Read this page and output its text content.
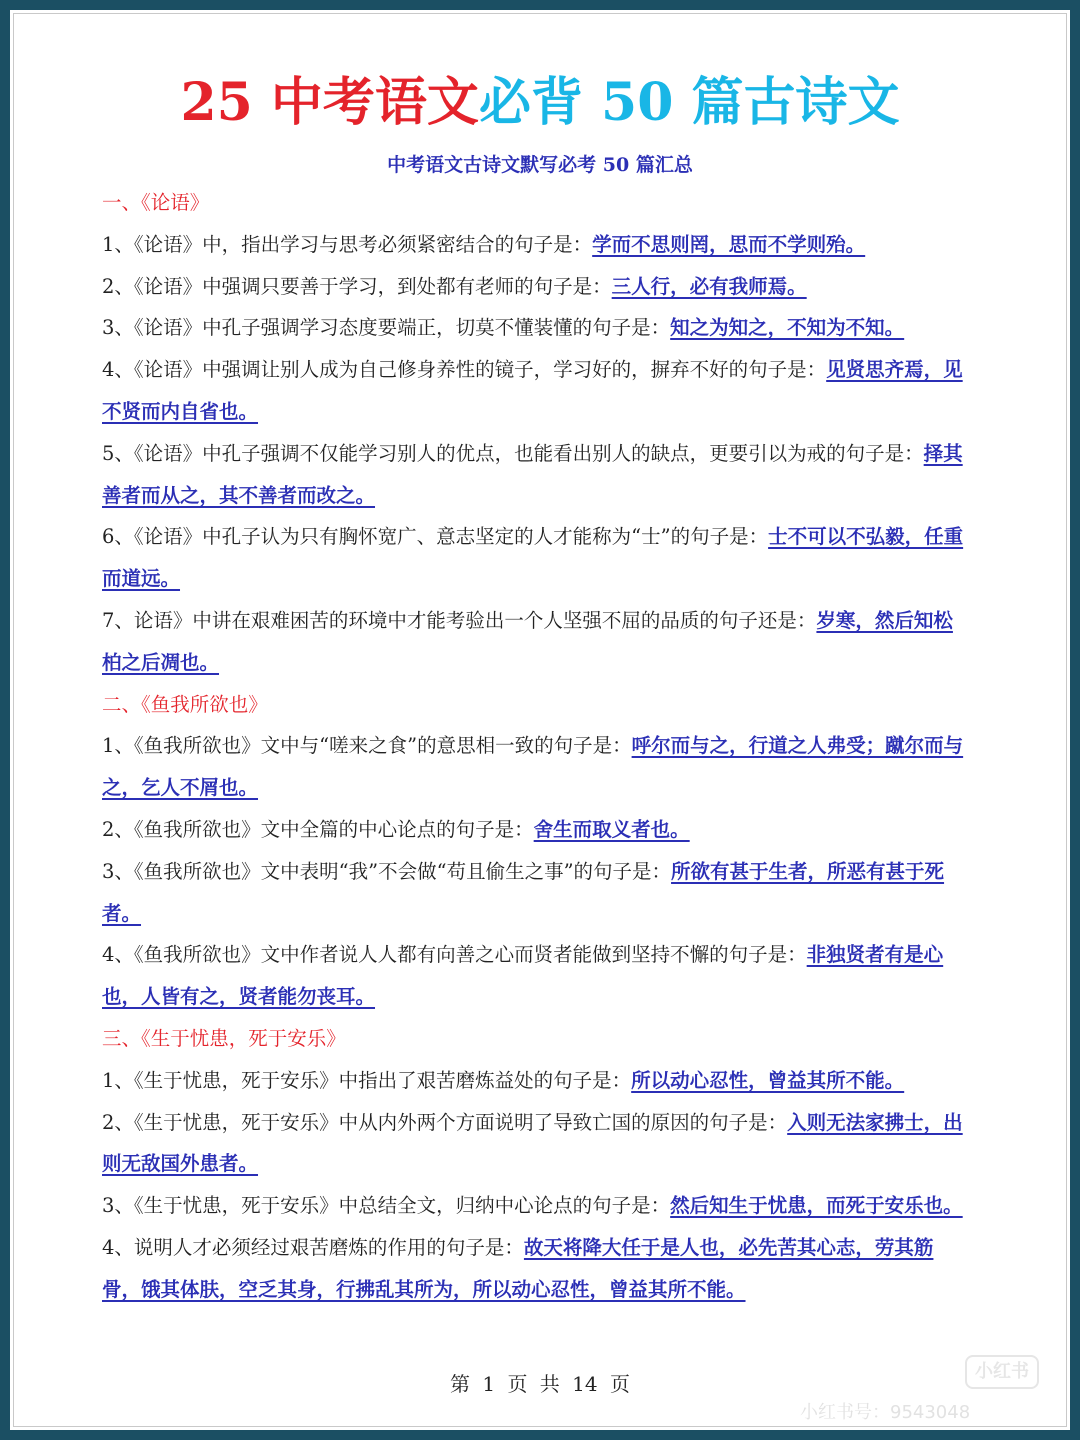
25 中考语文必背 50 篇古诗文
中考语文古诗文默写必考 50 篇汇总
一、《论语》
1、《论语》中，指出学习与思考必须紧密结合的句子是：学而不思则罔，思而不学则殆。
2、《论语》中强调只要善于学习，到处都有老师的句子是：三人行，必有我师焉。
3、《论语》中孔子强调学习态度要端正，切莫不懂装懂的句子是：知之为知之，不知为不知。
4、《论语》中强调让别人成为自己修身养性的镜子，学习好的，摒弃不好的句子是：见贤思齐焉，见不贤而内自省也。
5、《论语》中孔子强调不仅能学习别人的优点，也能看出别人的缺点，更要引以为戒的句子是：择其善者而从之，其不善者而改之。
6、《论语》中孔子认为只有胸怀宽广、意志坚定的人才能称为“士”的句子是：士不可以不弘毅，任重而道远。
7、论语》中讲在艰难困苦的环境中才能考验出一个人坚强不屈的品质的句子还是：岁寒，然后知松柏之后凋也。
二、《鱼我所欲也》
1、《鱼我所欲也》文中与“嗟来之食”的意思相一致的句子是：呼尔而与之，行道之人弗受；蹴尔而与之，乞人不屑也。
2、《鱼我所欲也》文中全篇的中心论点的句子是：舍生而取义者也。
3、《鱼我所欲也》文中表明“我”不会做“苟且偷生之事”的句子是：所欲有甚于生者，所恶有甚于死者。
4、《鱼我所欲也》文中作者说人人都有向善之心而贤者能做到坚持不懈的句子是：非独贤者有是心也，人皆有之，贤者能勿丧耳。
三、《生于忧患，死于安乐》
1、《生于忧患，死于安乐》中指出了艰苦磨炼益处的句子是：所以动心忍性，曾益其所不能。
2、《生于忧患，死于安乐》中从内外两个方面说明了导致亡国的原因的句子是：入则无法家拂士，出则无敌国外患者。
3、《生于忧患，死于安乐》中总结全文，归纳中心论点的句子是：然后知生于忧患，而死于安乐也。
4、说明人才必须经过艰苦磨炼的作用的句子是：故天将降大任于是人也，必先苦其心志，劳其筋骨，饿其体肤，空乏其身，行拂乱其所为，所以动心忍性，曾益其所不能。
第 1 页 共 14 页
小红书
小红书号：9543048
